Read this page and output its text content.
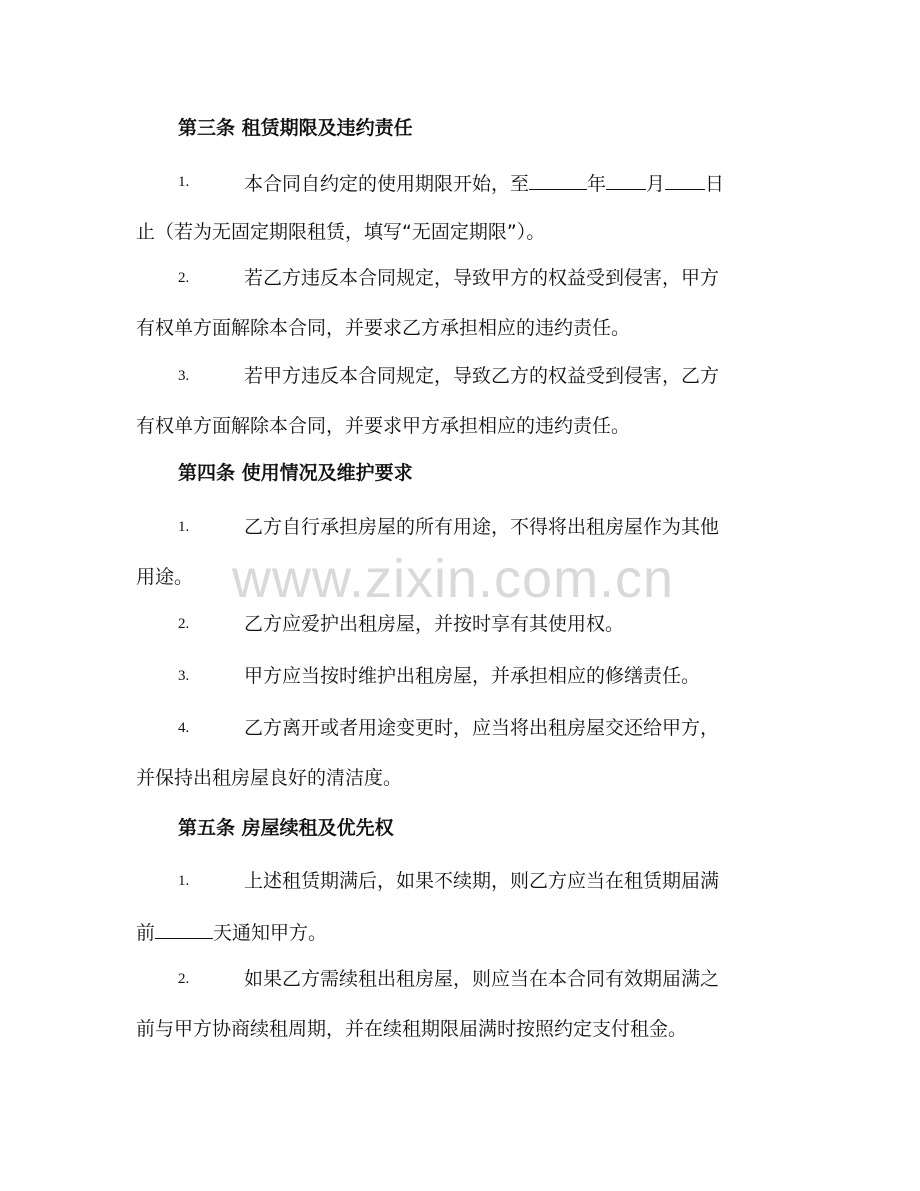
第三条 租赁期限及违约责任
1.	本合同自约定的使用期限开始，至	年 月 日
止（若为无固定期限租赁，填写“无固定期限”）。
2.	若乙方违反本合同规定，导致甲方的权益受到侵害，甲方
有权单方面解除本合同，并要求乙方承担相应的违约责任。
3.	若甲方违反本合同规定，导致乙方的权益受到侵害，乙方
有权单方面解除本合同，并要求甲方承担相应的违约责任。
第四条 使用情况及维护要求
1.	乙方自行承担房屋的所有用途，不得将出租房屋作为其他
用途。
2.	乙方应爱护出租房屋，并按时享有其使用权。
3.	甲方应当按时维护出租房屋，并承担相应的修缮责任。
4.	乙方离开或者用途变更时，应当将出租房屋交还给甲方，
并保持出租房屋良好的清洁度。
第五条 房屋续租及优先权
1.	上述租赁期满后，如果不续期，则乙方应当在租赁期届满
前	天通知甲方。
2.	如果乙方需续租出租房屋，则应当在本合同有效期届满之
前与甲方协商续租周期，并在续租期限届满时按照约定支付租金。
www.zixin.com.cn
